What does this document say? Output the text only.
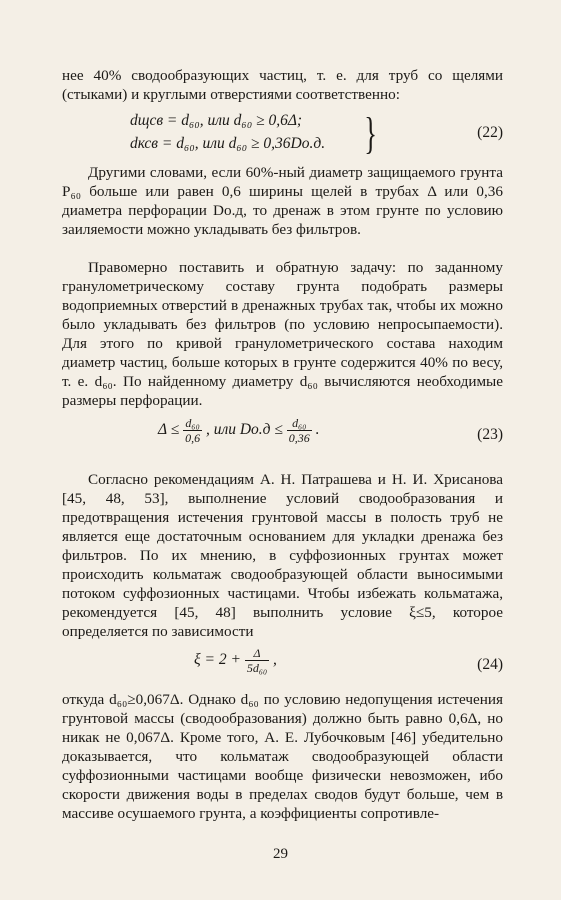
нее 40% сводообразующих частиц, т. е. для труб со щелями (стыками) и круглыми отверстиями соответственно:

dщсв = d₆₀, или d₆₀ ≥ 0,6Δ;
dксв = d₆₀, или d₆₀ ≥ 0,36Dо.д. }	(22)

Другими словами, если 60%-ный диаметр защищаемого грунта P₆₀ больше или равен 0,6 ширины щелей в трубах Δ или 0,36 диаметра перфорации Dо.д, то дренаж в этом грунте по условию заиляемости можно укладывать без фильтров.

Правомерно поставить и обратную задачу: по заданному гранулометрическому составу грунта подобрать размеры водоприемных отверстий в дренажных трубах так, чтобы их можно было укладывать без фильтров (по условию непросыпаемости). Для этого по кривой гранулометрического состава находим диаметр частиц, больше которых в грунте содержится 40% по весу, т. е. d₆₀. По найденному диаметру d₆₀ вычисляются необходимые размеры перфорации.

$\Delta \le \frac{\text{d₆₀}}{0,6}$ , или $Dо.д \le \frac{\text{d₆₀}}{0,36}$ .	(23)

Согласно рекомендациям А. Н. Патрашева и Н. И. Хрисанова [45, 48, 53], выполнение условий сводообразования и предотвращения истечения грунтовой массы в полость труб не является еще достаточным основанием для укладки дренажа без фильтров. По их мнению, в суффозионных грунтах может происходить кольматаж сводообразующей области выносимыми потоком суффозионных частицами. Чтобы избежать кольматажа, рекомендуется [45, 48] выполнить условие ξ≤5, которое определяется по зависимости

$\xi = 2 + \frac{\Delta}{\text{5d₆₀}}$ ,	(24)

откуда d₆₀≥0,067Δ. Однако d₆₀ по условию недопущения истечения грунтовой массы (сводообразования) должно быть равно 0,6Δ, но никак не 0,067Δ. Кроме того, А. Е. Лубочковым [46] убедительно доказывается, что кольматаж сводообразующей области суффозионными частицами вообще физически невозможен, ибо скорости движения воды в пределах сводов будут больше, чем в массиве осушаемого грунта, а коэффициенты сопротивле-

29
